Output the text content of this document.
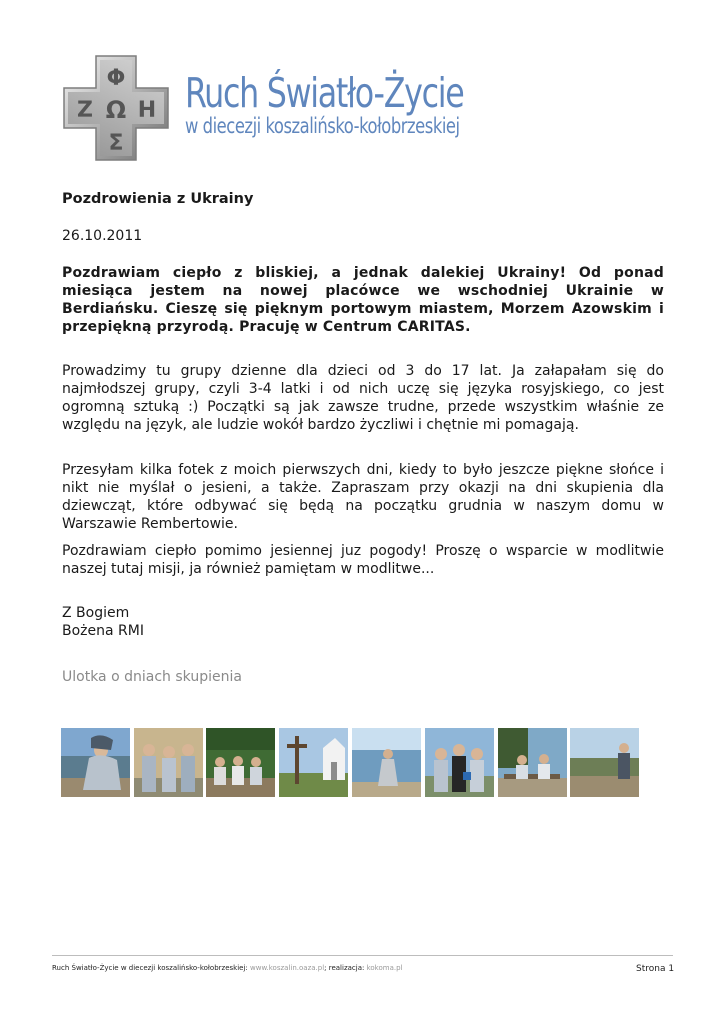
Φ
Ζ Ω Η
Σ
Ruch Światło-Życie
w diecezji koszalińsko-kołobrzeskiej
Pozdrowienia z Ukrainy
26.10.2011
Pozdrawiam ciepło z bliskiej, a jednak dalekiej Ukrainy! Od ponad miesiąca jestem na nowej placówce we wschodniej Ukrainie w Berdiańsku. Cieszę się pięknym portowym miastem, Morzem Azowskim i przepiękną przyrodą. Pracuję w Centrum CARITAS.

Prowadzimy tu grupy dzienne dla dzieci od 3 do 17 lat. Ja załapałam się do najmłodszej grupy, czyli 3-4 latki i od nich uczę się języka rosyjskiego, co jest ogromną sztuką :) Początki są jak zawsze trudne, przede wszystkim właśnie ze względu na język, ale ludzie wokół bardzo życzliwi i chętnie mi pomagają.

Przesyłam kilka fotek z moich pierwszych dni, kiedy to było jeszcze piękne słońce i nikt nie myślał o jesieni, a także. Zapraszam przy okazji na dni skupienia dla dziewcząt, które odbywać się będą na początku grudnia w naszym domu w Warszawie Rembertowie.

Pozdrawiam ciepło pomimo jesiennej juz pogody! Proszę o wsparcie w modlitwie naszej tutaj misji, ja również pamiętam w modlitwe...

Z Bogiem
Bożena RMI
Ulotka o dniach skupienia
Ruch Światło-Życie w diecezji koszalińsko-kołobrzeskiej: www.koszalin.oaza.pl; realizacja: kokoma.pl	Strona 1
